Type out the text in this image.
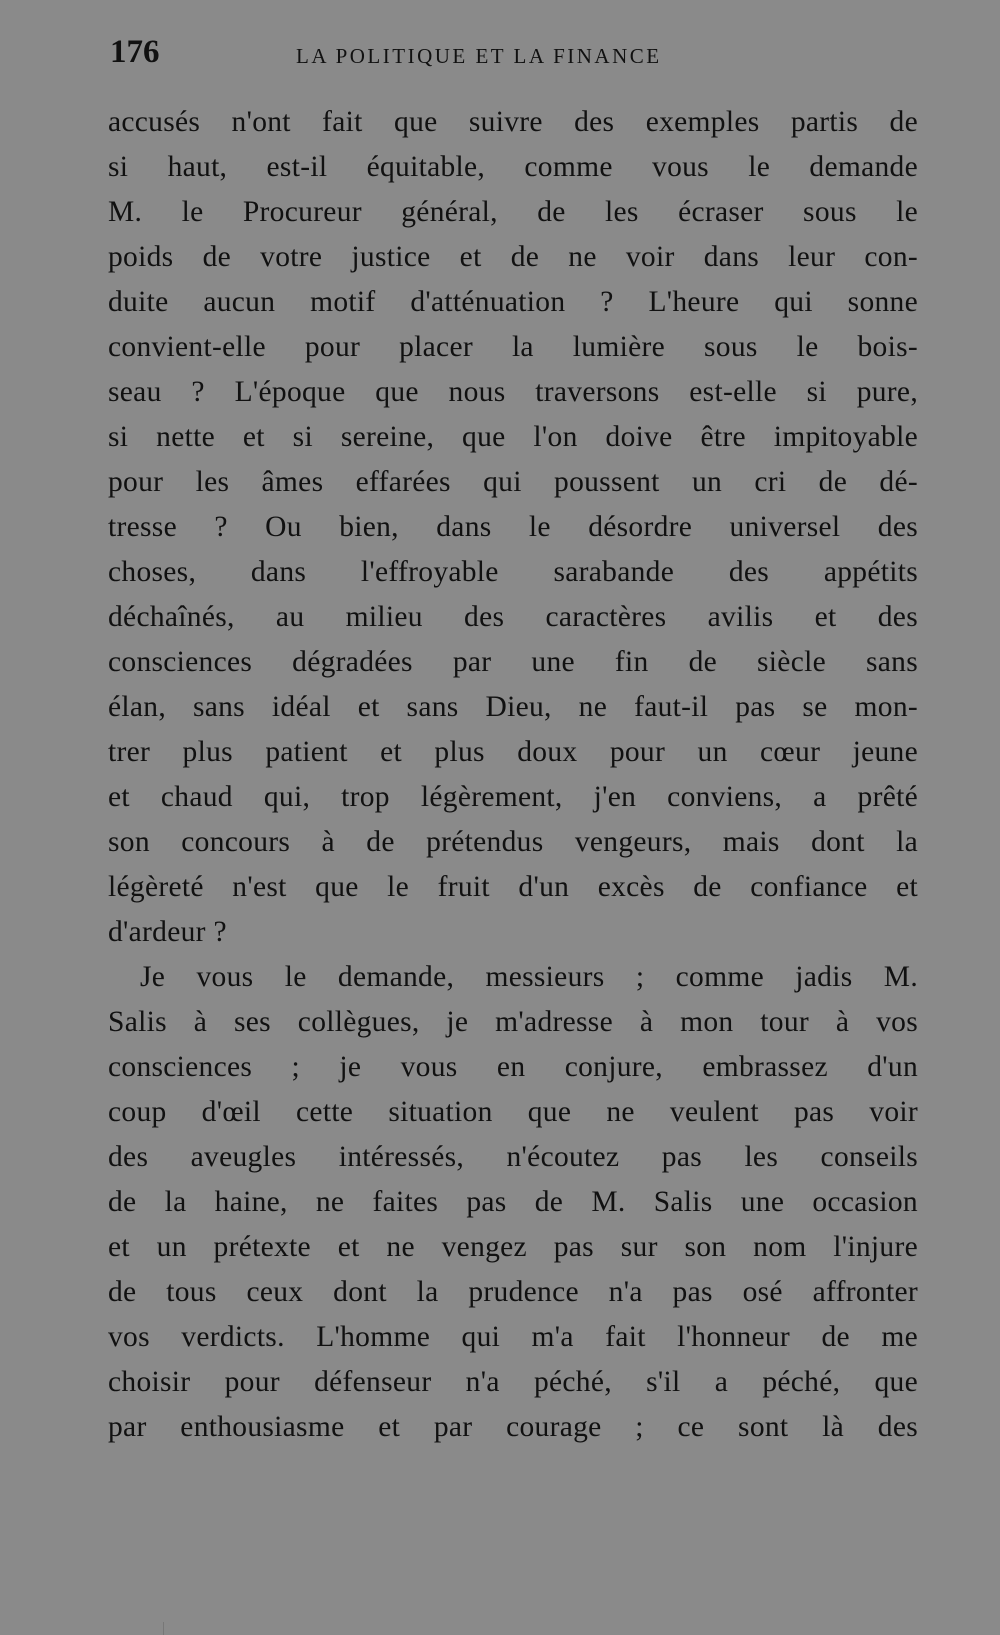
176	LA POLITIQUE ET LA FINANCE
accusés n'ont fait que suivre des exemples partis de
si haut, est-il équitable, comme vous le demande
M. le Procureur général, de les écraser sous le
poids de votre justice et de ne voir dans leur con-
duite aucun motif d'atténuation ? L'heure qui sonne
convient-elle pour placer la lumière sous le bois-
seau ? L'époque que nous traversons est-elle si pure,
si nette et si sereine, que l'on doive être impitoyable
pour les âmes effarées qui poussent un cri de dé-
tresse ? Ou bien, dans le désordre universel des
choses, dans l'effroyable sarabande des appétits
déchaînés, au milieu des caractères avilis et des
consciences dégradées par une fin de siècle sans
élan, sans idéal et sans Dieu, ne faut-il pas se mon-
trer plus patient et plus doux pour un cœur jeune
et chaud qui, trop légèrement, j'en conviens, a prêté
son concours à de prétendus vengeurs, mais dont la
légèreté n'est que le fruit d'un excès de confiance et
d'ardeur ?
Je vous le demande, messieurs ; comme jadis M.
Salis à ses collègues, je m'adresse à mon tour à vos
consciences ; je vous en conjure, embrassez d'un
coup d'œil cette situation que ne veulent pas voir
des aveugles intéressés, n'écoutez pas les conseils
de la haine, ne faites pas de M. Salis une occasion
et un prétexte et ne vengez pas sur son nom l'injure
de tous ceux dont la prudence n'a pas osé affronter
vos verdicts. L'homme qui m'a fait l'honneur de me
choisir pour défenseur n'a péché, s'il a péché, que
par enthousiasme et par courage ; ce sont là des
